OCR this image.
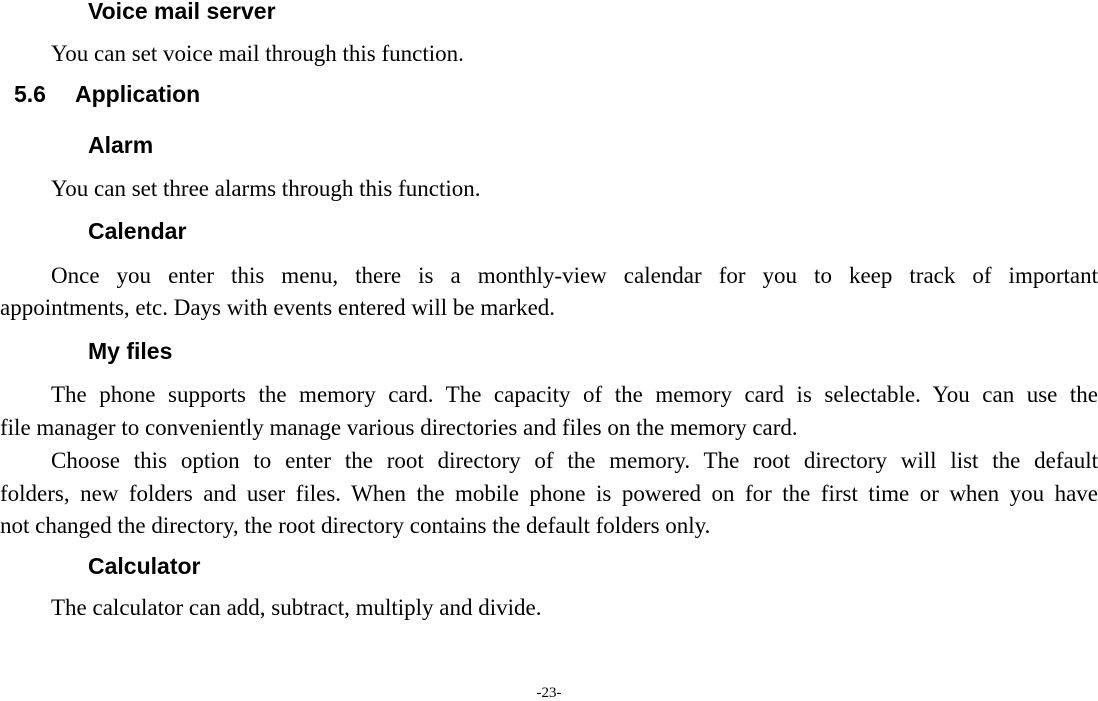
Voice mail server
You can set voice mail through this function.
5.6 Application
Alarm
You can set three alarms through this function.
Calendar
Once you enter this menu, there is a monthly-view calendar for you to keep track of important
appointments, etc. Days with events entered will be marked.
My files
The phone supports the memory card. The capacity of the memory card is selectable. You can use the
file manager to conveniently manage various directories and files on the memory card.
Choose this option to enter the root directory of the memory. The root directory will list the default
folders, new folders and user files. When the mobile phone is powered on for the first time or when you have
not changed the directory, the root directory contains the default folders only.
Calculator
The calculator can add, subtract, multiply and divide.
-23-
